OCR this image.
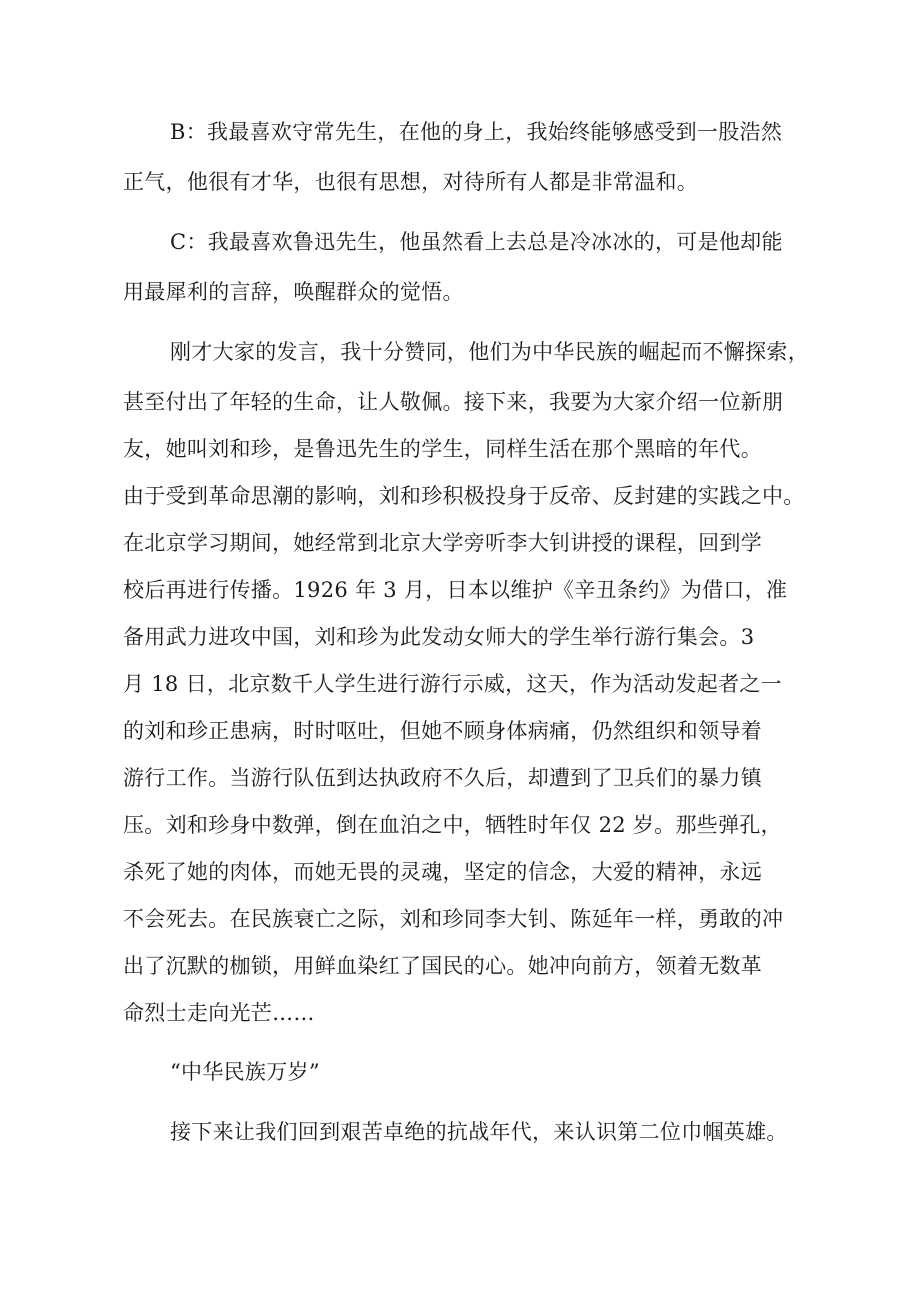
B：我最喜欢守常先生，在他的身上，我始终能够感受到一股浩然
正气，他很有才华，也很有思想，对待所有人都是非常温和。
C：我最喜欢鲁迅先生，他虽然看上去总是冷冰冰的，可是他却能
用最犀利的言辞，唤醒群众的觉悟。
刚才大家的发言，我十分赞同，他们为中华民族的崛起而不懈探索，
甚至付出了年轻的生命，让人敬佩。接下来，我要为大家介绍一位新朋
友，她叫刘和珍，是鲁迅先生的学生，同样生活在那个黑暗的年代。
由于受到革命思潮的影响，刘和珍积极投身于反帝、反封建的实践之中。
在北京学习期间，她经常到北京大学旁听李大钊讲授的课程，回到学
校后再进行传播。1926 年 3 月，日本以维护《辛丑条约》为借口，准
备用武力进攻中国，刘和珍为此发动女师大的学生举行游行集会。3
月 18 日，北京数千人学生进行游行示威，这天，作为活动发起者之一
的刘和珍正患病，时时呕吐，但她不顾身体病痛，仍然组织和领导着
游行工作。当游行队伍到达执政府不久后，却遭到了卫兵们的暴力镇
压。刘和珍身中数弹，倒在血泊之中，牺牲时年仅 22 岁。那些弹孔，
杀死了她的肉体，而她无畏的灵魂，坚定的信念，大爱的精神，永远
不会死去。在民族衰亡之际，刘和珍同李大钊、陈延年一样，勇敢的冲
出了沉默的枷锁，用鲜血染红了国民的心。她冲向前方，领着无数革
命烈士走向光芒……
“中华民族万岁”
接下来让我们回到艰苦卓绝的抗战年代，来认识第二位巾帼英雄。
